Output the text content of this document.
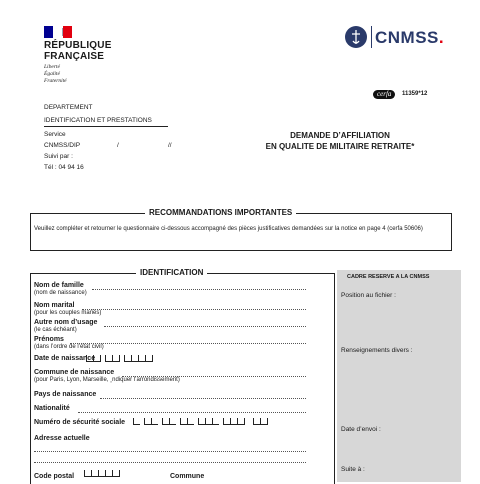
RÉPUBLIQUE
FRANÇAISE
Liberté
Égalité
Fraternité
CNMSS.
cerfa	11359*12
DEPARTEMENT
IDENTIFICATION ET PRESTATIONS
Service
CNMSS/DIP	/	//
Suivi par :
Tél : 04 94 16
DEMANDE D’AFFILIATION
EN QUALITE DE MILITAIRE RETRAITE*
RECOMMANDATIONS IMPORTANTES
Veuillez compléter et retourner le questionnaire ci-dessous accompagné des pièces justificatives demandées sur la notice en page 4 (cerfa 50606)
IDENTIFICATION	CADRE RESERVE A LA CNMSS
Position au fichier :
Renseignements divers :
Date d’envoi :
Suite à :
Nom de famille
(nom de naissance)
Nom marital
(pour les couples mariés)
Autre nom d’usage
(le cas échéant)
Prénoms
(dans l’ordre de l’état civil)
Date de naissance
Commune de naissance
(pour Paris, Lyon, Marseille, ¸ndiquer l’arrondissement)
Pays de naissance
Nationalité
Numéro de sécurité sociale
Adresse actuelle
Code postal	Commune
